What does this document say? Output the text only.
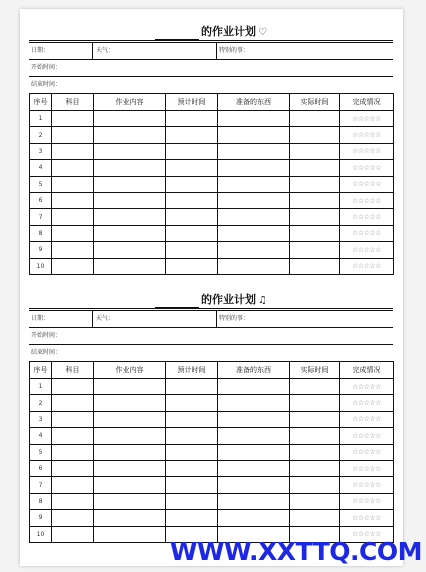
的作业计划 ♡
日期：	天气：	特别的事：
开始时间：
结束时间：
序号	科目	作业内容	预计时间	准备的东西	实际时间	完成情况
1						☆☆☆☆☆
2						☆☆☆☆☆
3						☆☆☆☆☆
4						☆☆☆☆☆
5						☆☆☆☆☆
6						☆☆☆☆☆
7						☆☆☆☆☆
8						☆☆☆☆☆
9						☆☆☆☆☆
10						☆☆☆☆☆
的作业计划 ♫
日期：	天气：	特别的事：
开始时间：
结束时间：
序号	科目	作业内容	预计时间	准备的东西	实际时间	完成情况
1						☆☆☆☆☆
2						☆☆☆☆☆
3						☆☆☆☆☆
4						☆☆☆☆☆
5						☆☆☆☆☆
6						☆☆☆☆☆
7						☆☆☆☆☆
8						☆☆☆☆☆
9						☆☆☆☆☆
10						☆☆☆☆☆
WWW.XXTTQ.COM
